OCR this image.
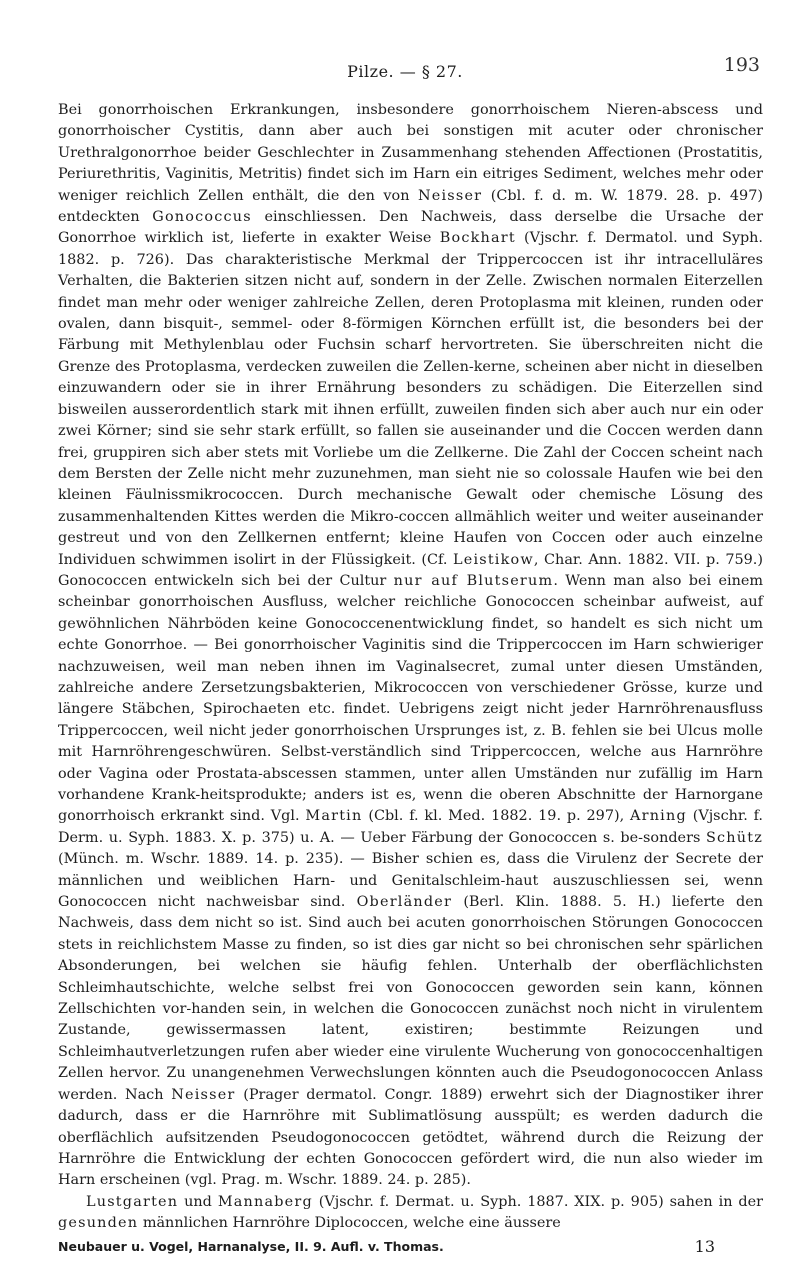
Pilze. — § 27.	193

Bei gonorrhoischen Erkrankungen, insbesondere gonorrhoischem Nieren-abscess und gonorrhoischer Cystitis, dann aber auch bei sonstigen mit acuter oder chronischer Urethralgonorrhoe beider Geschlechter in Zusammenhang stehenden Affectionen (Prostatitis, Periurethritis, Vaginitis, Metritis) findet sich im Harn ein eitriges Sediment, welches mehr oder weniger reichlich Zellen enthält, die den von Neisser (Cbl. f. d. m. W. 1879. 28. p. 497) entdeckten Gonococcus einschliessen. Den Nachweis, dass derselbe die Ursache der Gonorrhoe wirklich ist, lieferte in exakter Weise Bockhart (Vjschr. f. Dermatol. und Syph. 1882. p. 726). Das charakteristische Merkmal der Trippercoccen ist ihr intracelluläres Verhalten, die Bakterien sitzen nicht auf, sondern in der Zelle. Zwischen normalen Eiterzellen findet man mehr oder weniger zahlreiche Zellen, deren Protoplasma mit kleinen, runden oder ovalen, dann bisquit-, semmel- oder 8-förmigen Körnchen erfüllt ist, die besonders bei der Färbung mit Methylenblau oder Fuchsin scharf hervortreten. Sie überschreiten nicht die Grenze des Protoplasma, verdecken zuweilen die Zellen-kerne, scheinen aber nicht in dieselben einzuwandern oder sie in ihrer Ernährung besonders zu schädigen. Die Eiterzellen sind bisweilen ausserordentlich stark mit ihnen erfüllt, zuweilen finden sich aber auch nur ein oder zwei Körner; sind sie sehr stark erfüllt, so fallen sie auseinander und die Coccen werden dann frei, gruppiren sich aber stets mit Vorliebe um die Zellkerne. Die Zahl der Coccen scheint nach dem Bersten der Zelle nicht mehr zuzunehmen, man sieht nie so colossale Haufen wie bei den kleinen Fäulnissmikrococcen. Durch mechanische Gewalt oder chemische Lösung des zusammenhaltenden Kittes werden die Mikro-coccen allmählich weiter und weiter auseinander gestreut und von den Zellkernen entfernt; kleine Haufen von Coccen oder auch einzelne Individuen schwimmen isolirt in der Flüssigkeit. (Cf. Leistikow, Char. Ann. 1882. VII. p. 759.) Gonococcen entwickeln sich bei der Cultur nur auf Blutserum. Wenn man also bei einem scheinbar gonorrhoischen Ausfluss, welcher reichliche Gonococcen scheinbar aufweist, auf gewöhnlichen Nährböden keine Gonococcenentwicklung findet, so handelt es sich nicht um echte Gonorrhoe. — Bei gonorrhoischer Vaginitis sind die Trippercoccen im Harn schwieriger nachzuweisen, weil man neben ihnen im Vaginalsecret, zumal unter diesen Umständen, zahlreiche andere Zersetzungsbakterien, Mikrococcen von verschiedener Grösse, kurze und längere Stäbchen, Spirochaeten etc. findet. Uebrigens zeigt nicht jeder Harnröhrenausfluss Trippercoccen, weil nicht jeder gonorrhoischen Ursprunges ist, z. B. fehlen sie bei Ulcus molle mit Harnröhrengeschwüren. Selbst-verständlich sind Trippercoccen, welche aus Harnröhre oder Vagina oder Prostata-abscessen stammen, unter allen Umständen nur zufällig im Harn vorhandene Krank-heitsprodukte; anders ist es, wenn die oberen Abschnitte der Harnorgane gonorrhoisch erkrankt sind. Vgl. Martin (Cbl. f. kl. Med. 1882. 19. p. 297), Arning (Vjschr. f. Derm. u. Syph. 1883. X. p. 375) u. A. — Ueber Färbung der Gonococcen s. be-sonders Schütz (Münch. m. Wschr. 1889. 14. p. 235). — Bisher schien es, dass die Virulenz der Secrete der männlichen und weiblichen Harn- und Genitalschleim-haut auszuschliessen sei, wenn Gonococcen nicht nachweisbar sind. Oberländer (Berl. Klin. 1888. 5. H.) lieferte den Nachweis, dass dem nicht so ist. Sind auch bei acuten gonorrhoischen Störungen Gonococcen stets in reichlichstem Masse zu finden, so ist dies gar nicht so bei chronischen sehr spärlichen Absonderungen, bei welchen sie häufig fehlen. Unterhalb der oberflächlichsten Schleimhautschichte, welche selbst frei von Gonococcen geworden sein kann, können Zellschichten vor-handen sein, in welchen die Gonococcen zunächst noch nicht in virulentem Zustande, gewissermassen latent, existiren; bestimmte Reizungen und Schleimhautverletzungen rufen aber wieder eine virulente Wucherung von gonococcenhaltigen Zellen hervor. Zu unangenehmen Verwechslungen könnten auch die Pseudogonococcen Anlass werden. Nach Neisser (Prager dermatol. Congr. 1889) erwehrt sich der Diagnostiker ihrer dadurch, dass er die Harnröhre mit Sublimatlösung ausspült; es werden dadurch die oberflächlich aufsitzenden Pseudogonococcen getödtet, während durch die Reizung der Harnröhre die Entwicklung der echten Gonococcen gefördert wird, die nun also wieder im Harn erscheinen (vgl. Prag. m. Wschr. 1889. 24. p. 285).

Lustgarten und Mannaberg (Vjschr. f. Dermat. u. Syph. 1887. XIX. p. 905) sahen in der gesunden männlichen Harnröhre Diplococcen, welche eine äussere

Neubauer u. Vogel, Harnanalyse, II. 9. Aufl. v. Thomas.	13
